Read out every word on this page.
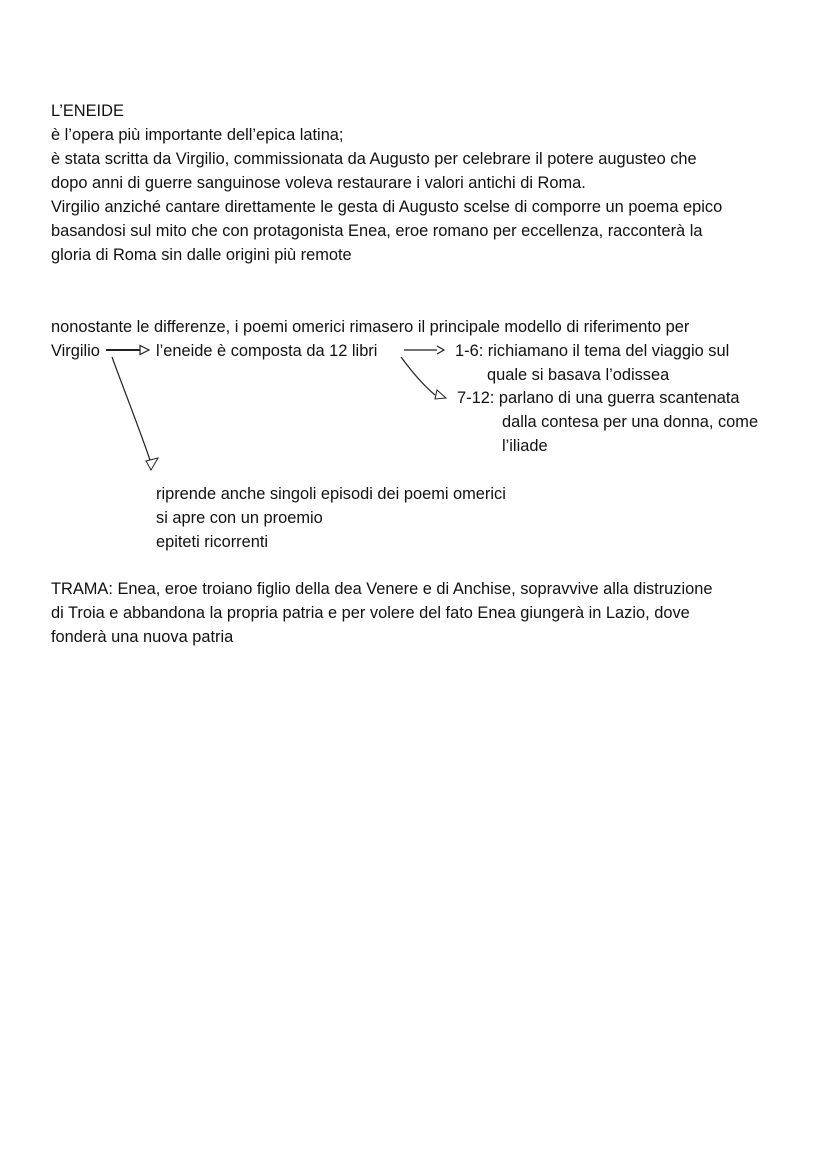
L’ENEIDE
è l’opera più importante dell’epica latina;
è stata scritta da Virgilio, commissionata da Augusto per celebrare il potere augusteo che
dopo anni di guerre sanguinose voleva restaurare i valori antichi di Roma.
Virgilio anziché cantare direttamente le gesta di Augusto scelse di comporre un poema epico
basandosi sul mito che con protagonista Enea, eroe romano per eccellenza, racconterà la
gloria di Roma sin dalle origini più remote
nonostante le differenze, i poemi omerici rimasero il principale modello di riferimento per
Virgilio	l’eneide è composta da 12 libri	1-6: richiamano il tema del viaggio sul
quale si basava l’odissea
7-12: parlano di una guerra scantenata
dalla contesa per una donna, come
l’iliade
riprende anche singoli episodi dei poemi omerici
si apre con un proemio
epiteti ricorrenti
TRAMA: Enea, eroe troiano figlio della dea Venere e di Anchise, sopravvive alla distruzione
di Troia e abbandona la propria patria e per volere del fato Enea giungerà in Lazio, dove
fonderà una nuova patria
